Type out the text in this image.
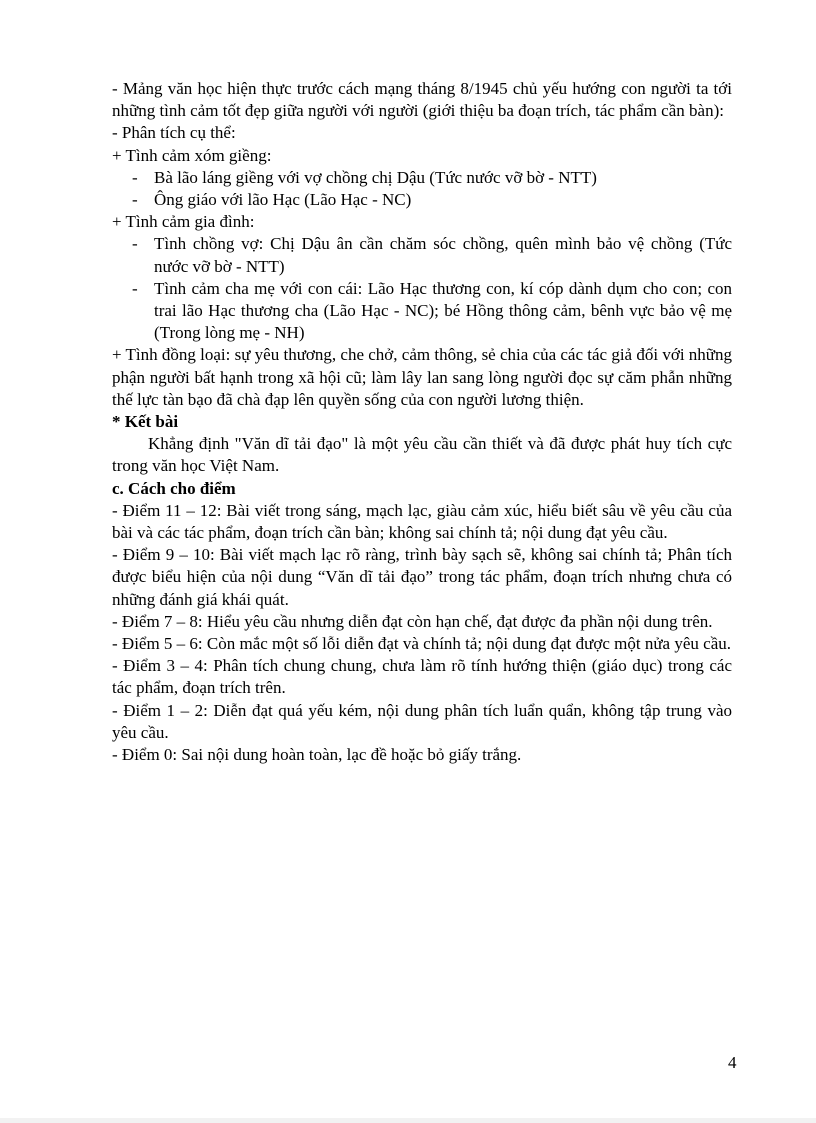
- Mảng văn học hiện thực trước cách mạng tháng 8/1945 chủ yếu hướng con người ta tới những tình cảm tốt đẹp giữa người với người (giới thiệu ba đoạn trích, tác phẩm cần bàn):

- Phân tích cụ thể:

+ Tình cảm xóm giềng:

- Bà lão láng giềng với vợ chồng chị Dậu (Tức nước vỡ bờ - NTT)
- Ông giáo với lão Hạc (Lão Hạc - NC)

+ Tình cảm gia đình:

- Tình chồng vợ: Chị Dậu ân cần chăm sóc chồng, quên mình bảo vệ chồng (Tức nước vỡ bờ - NTT)
- Tình cảm cha mẹ với con cái: Lão Hạc thương con, kí cóp dành dụm cho con; con trai lão Hạc thương cha (Lão Hạc - NC); bé Hồng thông cảm, bênh vực bảo vệ mẹ (Trong lòng mẹ - NH)

+ Tình đồng loại: sự yêu thương, che chở, cảm thông, sẻ chia của các tác giả đối với những phận người bất hạnh trong xã hội cũ; làm lây lan sang lòng người đọc sự căm phẫn những thế lực tàn bạo đã chà đạp lên quyền sống của con người lương thiện.

* Kết bài

Khẳng định "Văn dĩ tải đạo" là một yêu cầu cần thiết và đã được phát huy tích cực trong văn học Việt Nam.

c. Cách cho điểm

- Điểm 11 – 12: Bài viết trong sáng, mạch lạc, giàu cảm xúc, hiểu biết sâu về yêu cầu của bài và các tác phẩm, đoạn trích cần bàn; không sai chính tả; nội dung đạt yêu cầu.

- Điểm 9 – 10: Bài viết mạch lạc rõ ràng, trình bày sạch sẽ, không sai chính tả; Phân tích được biểu hiện của nội dung “Văn dĩ tải đạo” trong tác phẩm, đoạn trích nhưng chưa có những đánh giá khái quát.

- Điểm 7 – 8: Hiểu yêu cầu nhưng diễn đạt còn hạn chế, đạt được đa phần nội dung trên.

- Điểm 5 – 6: Còn mắc một số lỗi diễn đạt và chính tả; nội dung đạt được một nửa yêu cầu.

- Điểm 3 – 4: Phân tích chung chung, chưa làm rõ tính hướng thiện (giáo dục) trong các tác phẩm, đoạn trích trên.

- Điểm 1 – 2: Diễn đạt quá yếu kém, nội dung phân tích luẩn quẩn, không tập trung vào yêu cầu.

- Điểm 0: Sai nội dung hoàn toàn, lạc đề hoặc bỏ giấy trắng.

4
